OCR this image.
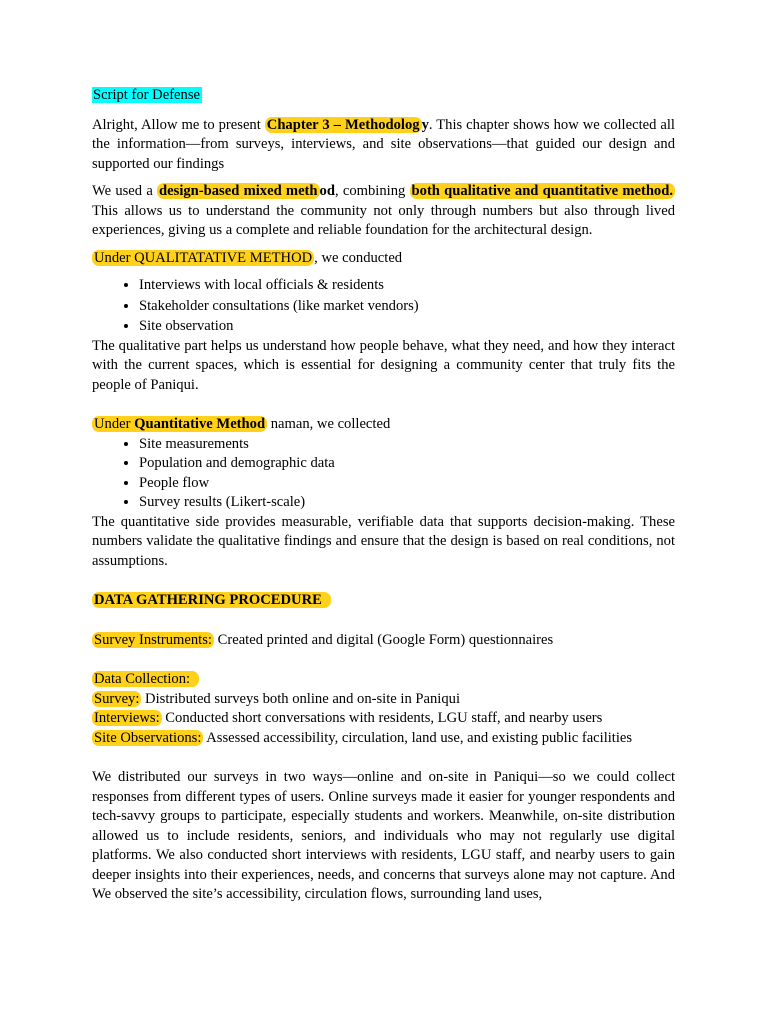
Script for Defense

Alright, Allow me to present Chapter 3 – Methodolog y. This chapter shows how we collected all the information—from surveys, interviews, and site observations—that guided our design and supported our findings

We used a design-based mixed meth od, combining both qualitative and quantitative method. This allows us to understand the community not only through numbers but also through lived experiences, giving us a complete and reliable foundation for the architectural design.

Under QUALITATATIVE METHOD , we conducted

• Interviews with local officials & residents
• Stakeholder consultations (like market vendors)
• Site observation

The qualitative part helps us understand how people behave, what they need, and how they interact with the current spaces, which is essential for designing a community center that truly fits the people of Paniqui.

Under Quantitative Method naman, we collected

• Site measurements
• Population and demographic data
• People flow
• Survey results (Likert-scale)

The quantitative side provides measurable, verifiable data that supports decision-making. These numbers validate the qualitative findings and ensure that the design is based on real conditions, not assumptions.

DATA GATHERING PROCEDURE

Survey Instruments: Created printed and digital (Google Form) questionnaires

Data Collection:

Survey: Distributed surveys both online and on-site in Paniqui

Interviews: Conducted short conversations with residents, LGU staff, and nearby users

Site Observations: Assessed accessibility, circulation, land use, and existing public facilities

We distributed our surveys in two ways—online and on-site in Paniqui—so we could collect responses from different types of users. Online surveys made it easier for younger respondents and tech-savvy groups to participate, especially students and workers. Meanwhile, on-site distribution allowed us to include residents, seniors, and individuals who may not regularly use digital platforms. We also conducted short interviews with residents, LGU staff, and nearby users to gain deeper insights into their experiences, needs, and concerns that surveys alone may not capture. And We observed the site’s accessibility, circulation flows, surrounding land uses,
